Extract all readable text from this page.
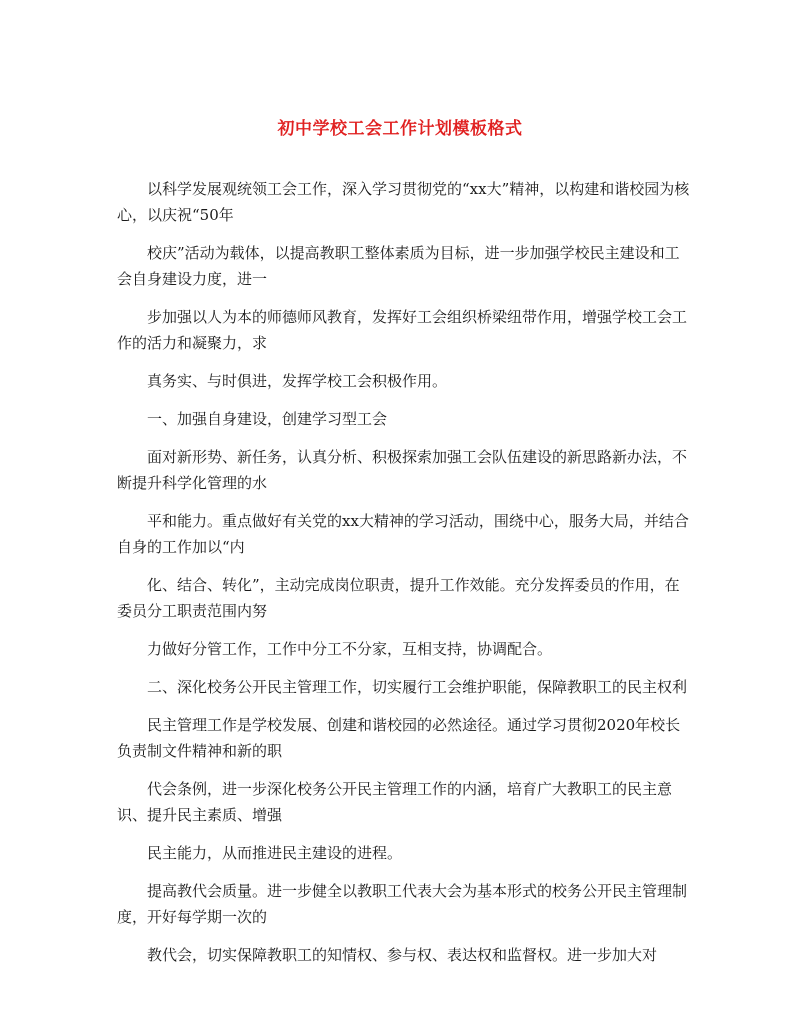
初中学校工会工作计划模板格式

以科学发展观统领工会工作，深入学习贯彻党的“xx大”精神，以构建和谐校园为核心，以庆祝“50年

校庆”活动为载体，以提高教职工整体素质为目标，进一步加强学校民主建设和工会自身建设力度，进一

步加强以人为本的师德师风教育，发挥好工会组织桥梁纽带作用，增强学校工会工作的活力和凝聚力，求

真务实、与时俱进，发挥学校工会积极作用。

一、加强自身建设，创建学习型工会

面对新形势、新任务，认真分析、积极探索加强工会队伍建设的新思路新办法，不断提升科学化管理的水

平和能力。重点做好有关党的xx大精神的学习活动，围绕中心，服务大局，并结合自身的工作加以“内

化、结合、转化”，主动完成岗位职责，提升工作效能。充分发挥委员的作用，在委员分工职责范围内努

力做好分管工作，工作中分工不分家，互相支持，协调配合。

二、深化校务公开民主管理工作，切实履行工会维护职能，保障教职工的民主权利

民主管理工作是学校发展、创建和谐校园的必然途径。通过学习贯彻2020年校长负责制文件精神和新的职

代会条例，进一步深化校务公开民主管理工作的内涵，培育广大教职工的民主意识、提升民主素质、增强

民主能力，从而推进民主建设的进程。

提高教代会质量。进一步健全以教职工代表大会为基本形式的校务公开民主管理制度，开好每学期一次的

教代会，切实保障教职工的知情权、参与权、表达权和监督权。进一步加大对
